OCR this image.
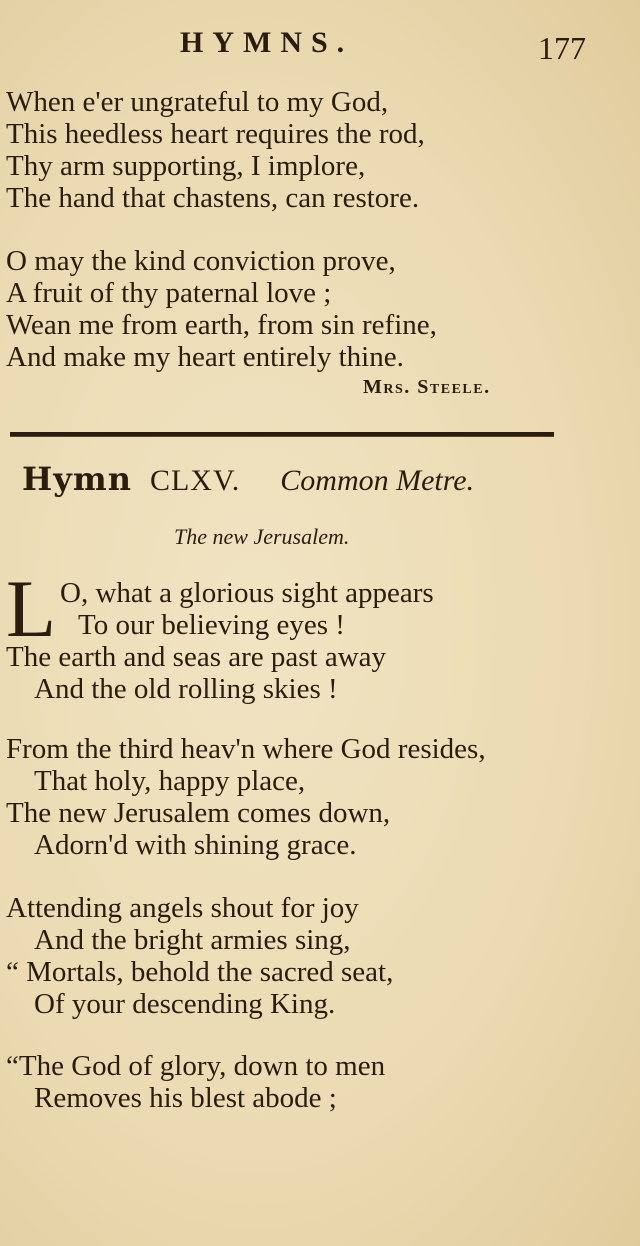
HYMNS.	177
When e'er ungrateful to my God,
This heedless heart requires the rod,
Thy arm supporting, I implore,
The hand that chastens, can restore.
O may the kind conviction prove,
A fruit of thy paternal love ;
Wean me from earth, from sin refine,
And make my heart entirely thine.
Mrs. Steele.
Hymn CLXV. Common Metre.
The new Jerusalem.
L O, what a glorious sight appears
To our believing eyes !
The earth and seas are past away
And the old rolling skies !
From the third heav'n where God resides,
That holy, happy place,
The new Jerusalem comes down,
Adorn'd with shining grace.
Attending angels shout for joy
And the bright armies sing,
“ Mortals, behold the sacred seat,
Of your descending King.
“The God of glory, down to men
Removes his blest abode ;
